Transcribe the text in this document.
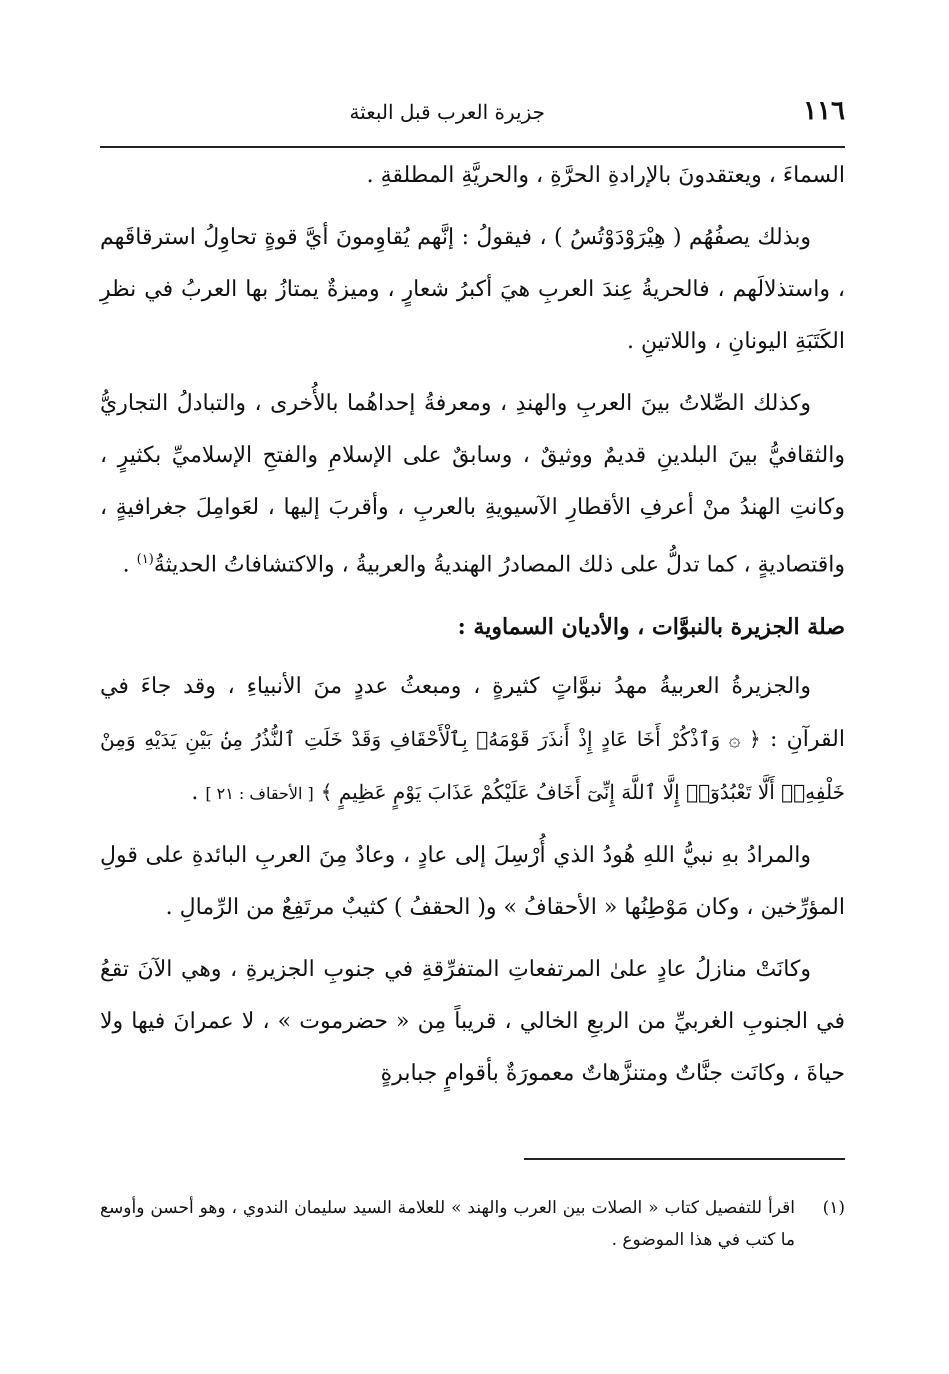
١١٦
جزيرة العرب قبل البعثة

السماءَ ، ويعتقدونَ بالإرادةِ الحرَّةِ ، والحريَّةِ المطلقةِ .

وبذلك يصفُهُم ( هِيْرَوْدَوْتُسُ ) ، فيقولُ : إنَّهم يُقاوِمونَ أيَّ قوةٍ تحاوِلُ استرقاقَهم ، واستذلالَهم ، فالحريةُ عِندَ العربِ هيَ أكبرُ شعارٍ ، وميزةٌ يمتازُ بها العربُ في نظرِ الكَتَبَةِ اليونانِ ، واللاتينِ .

وكذلك الصِّلاتُ بينَ العربِ والهندِ ، ومعرفةُ إحداهُما بالأُخرى ، والتبادلُ التجاريُّ والثقافيُّ بينَ البلدينِ قديمٌ ووثيقٌ ، وسابقٌ على الإسلامِ والفتحِ الإسلاميِّ بكثيرٍ ، وكانتِ الهندُ منْ أعرفِ الأقطارِ الآسيويةِ بالعربِ ، وأقربَ إليها ، لعَوامِلَ جغرافيةٍ ، واقتصاديةٍ ، كما تدلُّ على ذلك المصادرُ الهنديةُ والعربيةُ ، والاكتشافاتُ الحديثةُ$^{(١)}$ .

صلة الجزيرة بالنبوَّات ، والأديان السماوية :

والجزيرةُ العربيةُ مهدُ نبوَّاتٍ كثيرةٍ ، ومبعثُ عددٍ منَ الأنبياءِ ، وقد جاءَ في القرآنِ : ﴿ ۞ وَٱذْكُرْ أَخَا عَادٍ إِذْ أَنذَرَ قَوْمَهُۥ بِٱلْأَحْقَافِ وَقَدْ خَلَتِ ٱلنُّذُرُ مِنۢ بَيْنِ يَدَيْهِ وَمِنْ خَلْفِهِۦٓ أَلَّا تَعْبُدُوٓا۟ إِلَّا ٱللَّهَ إِنِّىٓ أَخَافُ عَلَيْكُمْ عَذَابَ يَوْمٍ عَظِيمٍ ﴾ [ الأحقاف : ٢١ ] .

والمرادُ بهِ نبيُّ اللهِ هُودُ الذي أُرْسِلَ إلى عادٍ ، وعادٌ مِنَ العربِ البائدةِ على قولِ المؤرِّخين ، وكان مَوْطِنُها « الأحقافُ » و( الحقفُ ) كثيبٌ مرتَفِعٌ من الرِّمالِ .

وكانَتْ منازلُ عادٍ علىٰ المرتفعاتِ المتفرِّقةِ في جنوبِ الجزيرةِ ، وهي الآنَ تقعُ في الجنوبِ الغربيِّ من الربعِ الخالي ، قريباً مِن « حضرموت » ، لا عمرانَ فيها ولا حياةَ ، وكانَت جنَّاتٌ ومتنزَّهاتٌ معمورَةٌ بأقوامٍ جبابرةٍ

(١)
اقرأ للتفصيل كتاب « الصلات بين العرب والهند » للعلامة السيد سليمان الندوي ، وهو أحسن وأوسع ما كتب في هذا الموضوع .
